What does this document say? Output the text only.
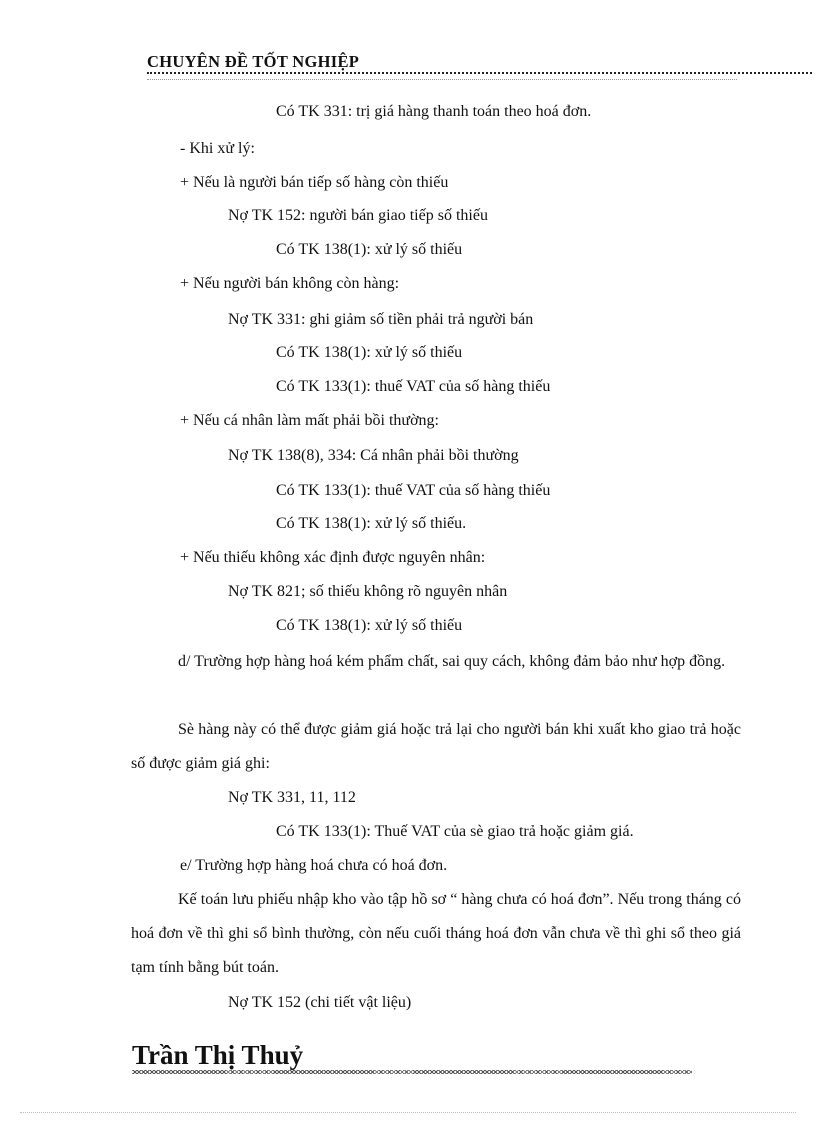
CHUYÊN ĐỀ TỐT NGHIỆP
Có TK 331: trị giá hàng thanh toán theo hoá đơn.
- Khi xử lý:
+ Nếu là người bán tiếp số hàng còn thiếu
Nợ TK 152: người bán giao tiếp số thiếu
Có TK 138(1): xử lý số thiếu
+ Nếu người bán không còn hàng:
Nợ TK 331: ghi giảm số tiền phải trả người bán
Có TK 138(1): xử lý số thiếu
Có TK 133(1): thuế VAT của số hàng thiếu
+ Nếu cá nhân làm mất phải bồi thường:
Nợ TK 138(8), 334: Cá nhân phải bồi thường
Có TK 133(1): thuế VAT của số hàng thiếu
Có TK 138(1): xử lý số thiếu.
+ Nếu thiếu không xác định được nguyên nhân:
Nợ TK 821; số thiếu không rõ nguyên nhân
Có TK 138(1): xử lý số thiếu
d/ Trường hợp hàng hoá kém phẩm chất, sai quy cách, không đảm bảo như hợp đồng.
Sè hàng này có thể được giảm giá hoặc trả lại cho người bán khi xuất kho giao trả hoặc số được giảm giá ghi:
Nợ TK 331, 11, 112
Có TK 133(1): Thuế VAT của sè giao trả hoặc giảm giá.
e/ Trường hợp hàng hoá chưa có hoá đơn.
Kế toán lưu phiếu nhập kho vào tập hồ sơ “ hàng chưa có hoá đơn”. Nếu trong tháng có hoá đơn về thì ghi sổ bình thường, còn nếu cuối tháng hoá đơn vẫn chưa về thì ghi sổ theo giá tạm tính bằng bút toán.
Nợ TK 152 (chi tiết vật liệu)
Trần Thị Thuỷ
